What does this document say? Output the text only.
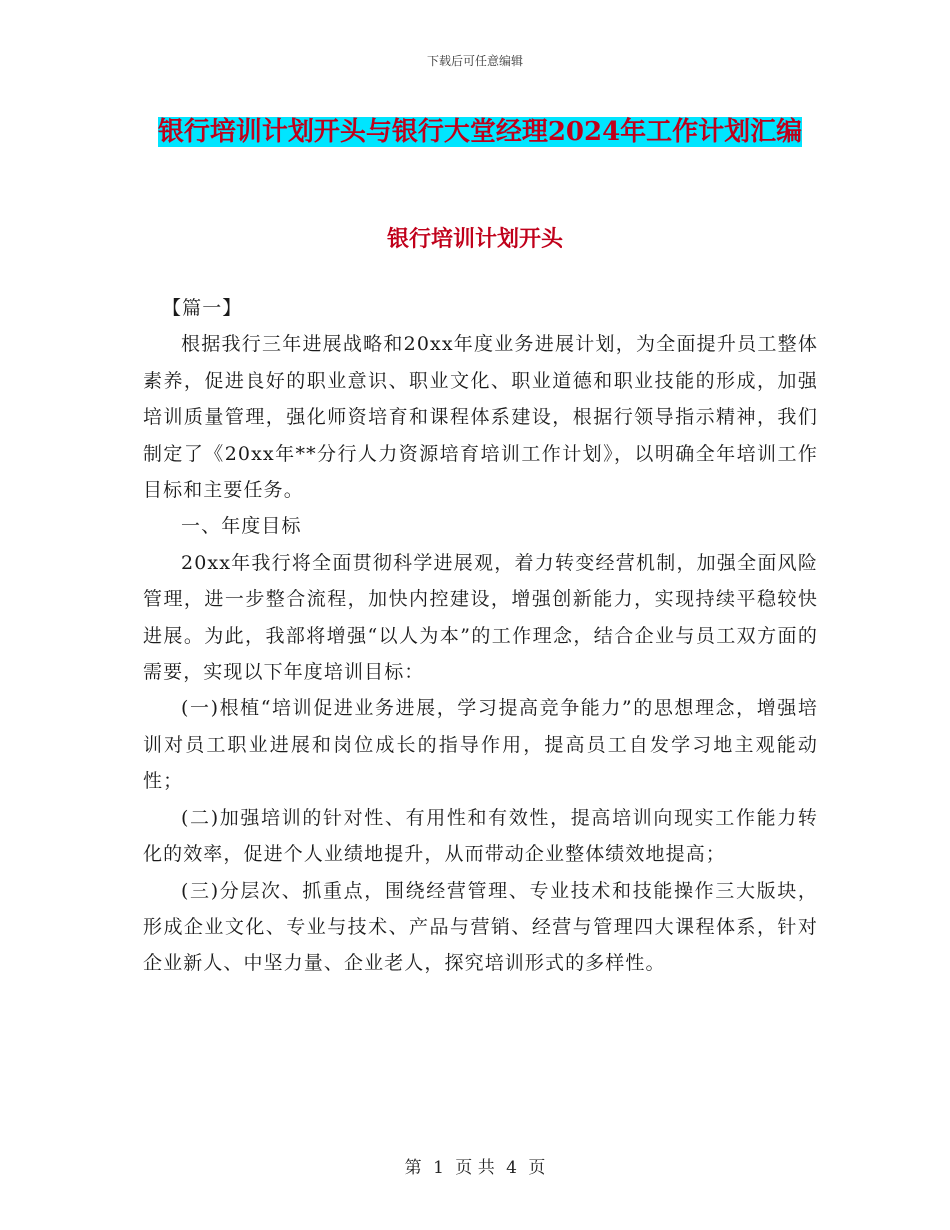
下载后可任意编辑
银行培训计划开头与银行大堂经理2024年工作计划汇编
银行培训计划开头

【篇一】

根据我行三年进展战略和20xx年度业务进展计划，为全面提升员工整体素养，促进良好的职业意识、职业文化、职业道德和职业技能的形成，加强培训质量管理，强化师资培育和课程体系建设，根据行领导指示精神，我们制定了《20xx年**分行人力资源培育培训工作计划》，以明确全年培训工作目标和主要任务。

一、年度目标

20xx年我行将全面贯彻科学进展观，着力转变经营机制，加强全面风险管理，进一步整合流程，加快内控建设，增强创新能力，实现持续平稳较快进展。为此，我部将增强“以人为本”的工作理念，结合企业与员工双方面的需要，实现以下年度培训目标：

(一)根植“培训促进业务进展，学习提高竞争能力”的思想理念，增强培训对员工职业进展和岗位成长的指导作用，提高员工自发学习地主观能动性；

(二)加强培训的针对性、有用性和有效性，提高培训向现实工作能力转化的效率，促进个人业绩地提升，从而带动企业整体绩效地提高；

(三)分层次、抓重点，围绕经营管理、专业技术和技能操作三大版块，形成企业文化、专业与技术、产品与营销、经营与管理四大课程体系，针对企业新人、中坚力量、企业老人，探究培训形式的多样性。

第 1 页 共 4 页
